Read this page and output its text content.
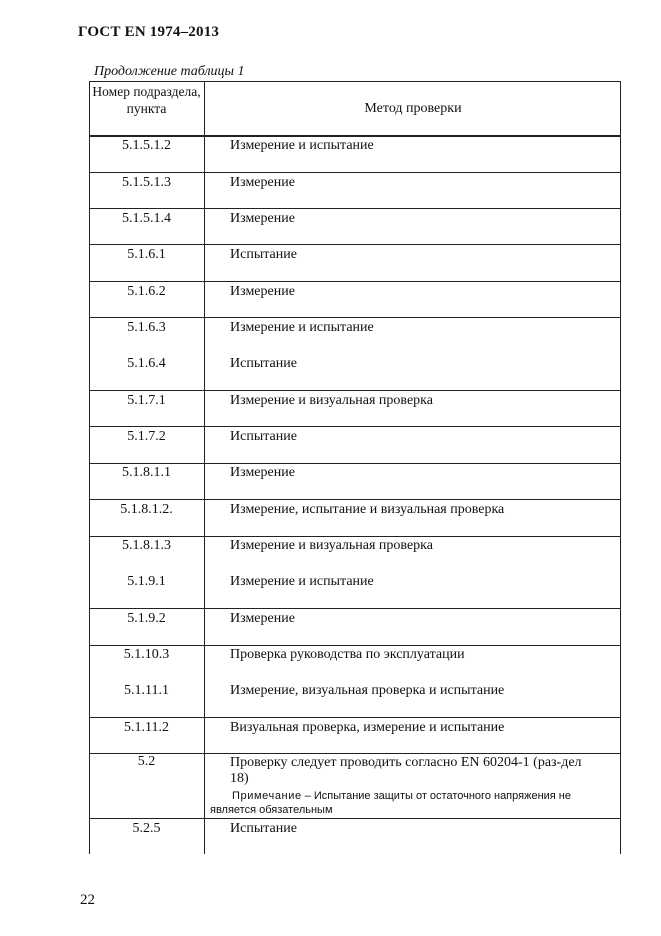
ГОСТ EN 1974–2013
Продолжение таблицы 1
Номер подраздела, пункта	Метод проверки
5.1.5.1.2	Измерение и испытание
5.1.5.1.3	Измерение
5.1.5.1.4	Измерение
5.1.6.1	Испытание
5.1.6.2	Измерение
5.1.6.3	Измерение и испытание
5.1.6.4	Испытание
5.1.7.1	Измерение и визуальная проверка
5.1.7.2	Испытание
5.1.8.1.1	Измерение
5.1.8.1.2.	Измерение, испытание и визуальная проверка
5.1.8.1.3	Измерение и визуальная проверка
5.1.9.1	Измерение и испытание
5.1.9.2	Измерение
5.1.10.3	Проверка руководства по эксплуатации
5.1.11.1	Измерение, визуальная проверка и испытание
5.1.11.2	Визуальная проверка, измерение и испытание
5.2	Проверку следует проводить согласно EN 60204-1 (раз-дел 18)
Примечание – Испытание защиты от остаточного напряжения не является обязательным
5.2.5	Испытание
22
